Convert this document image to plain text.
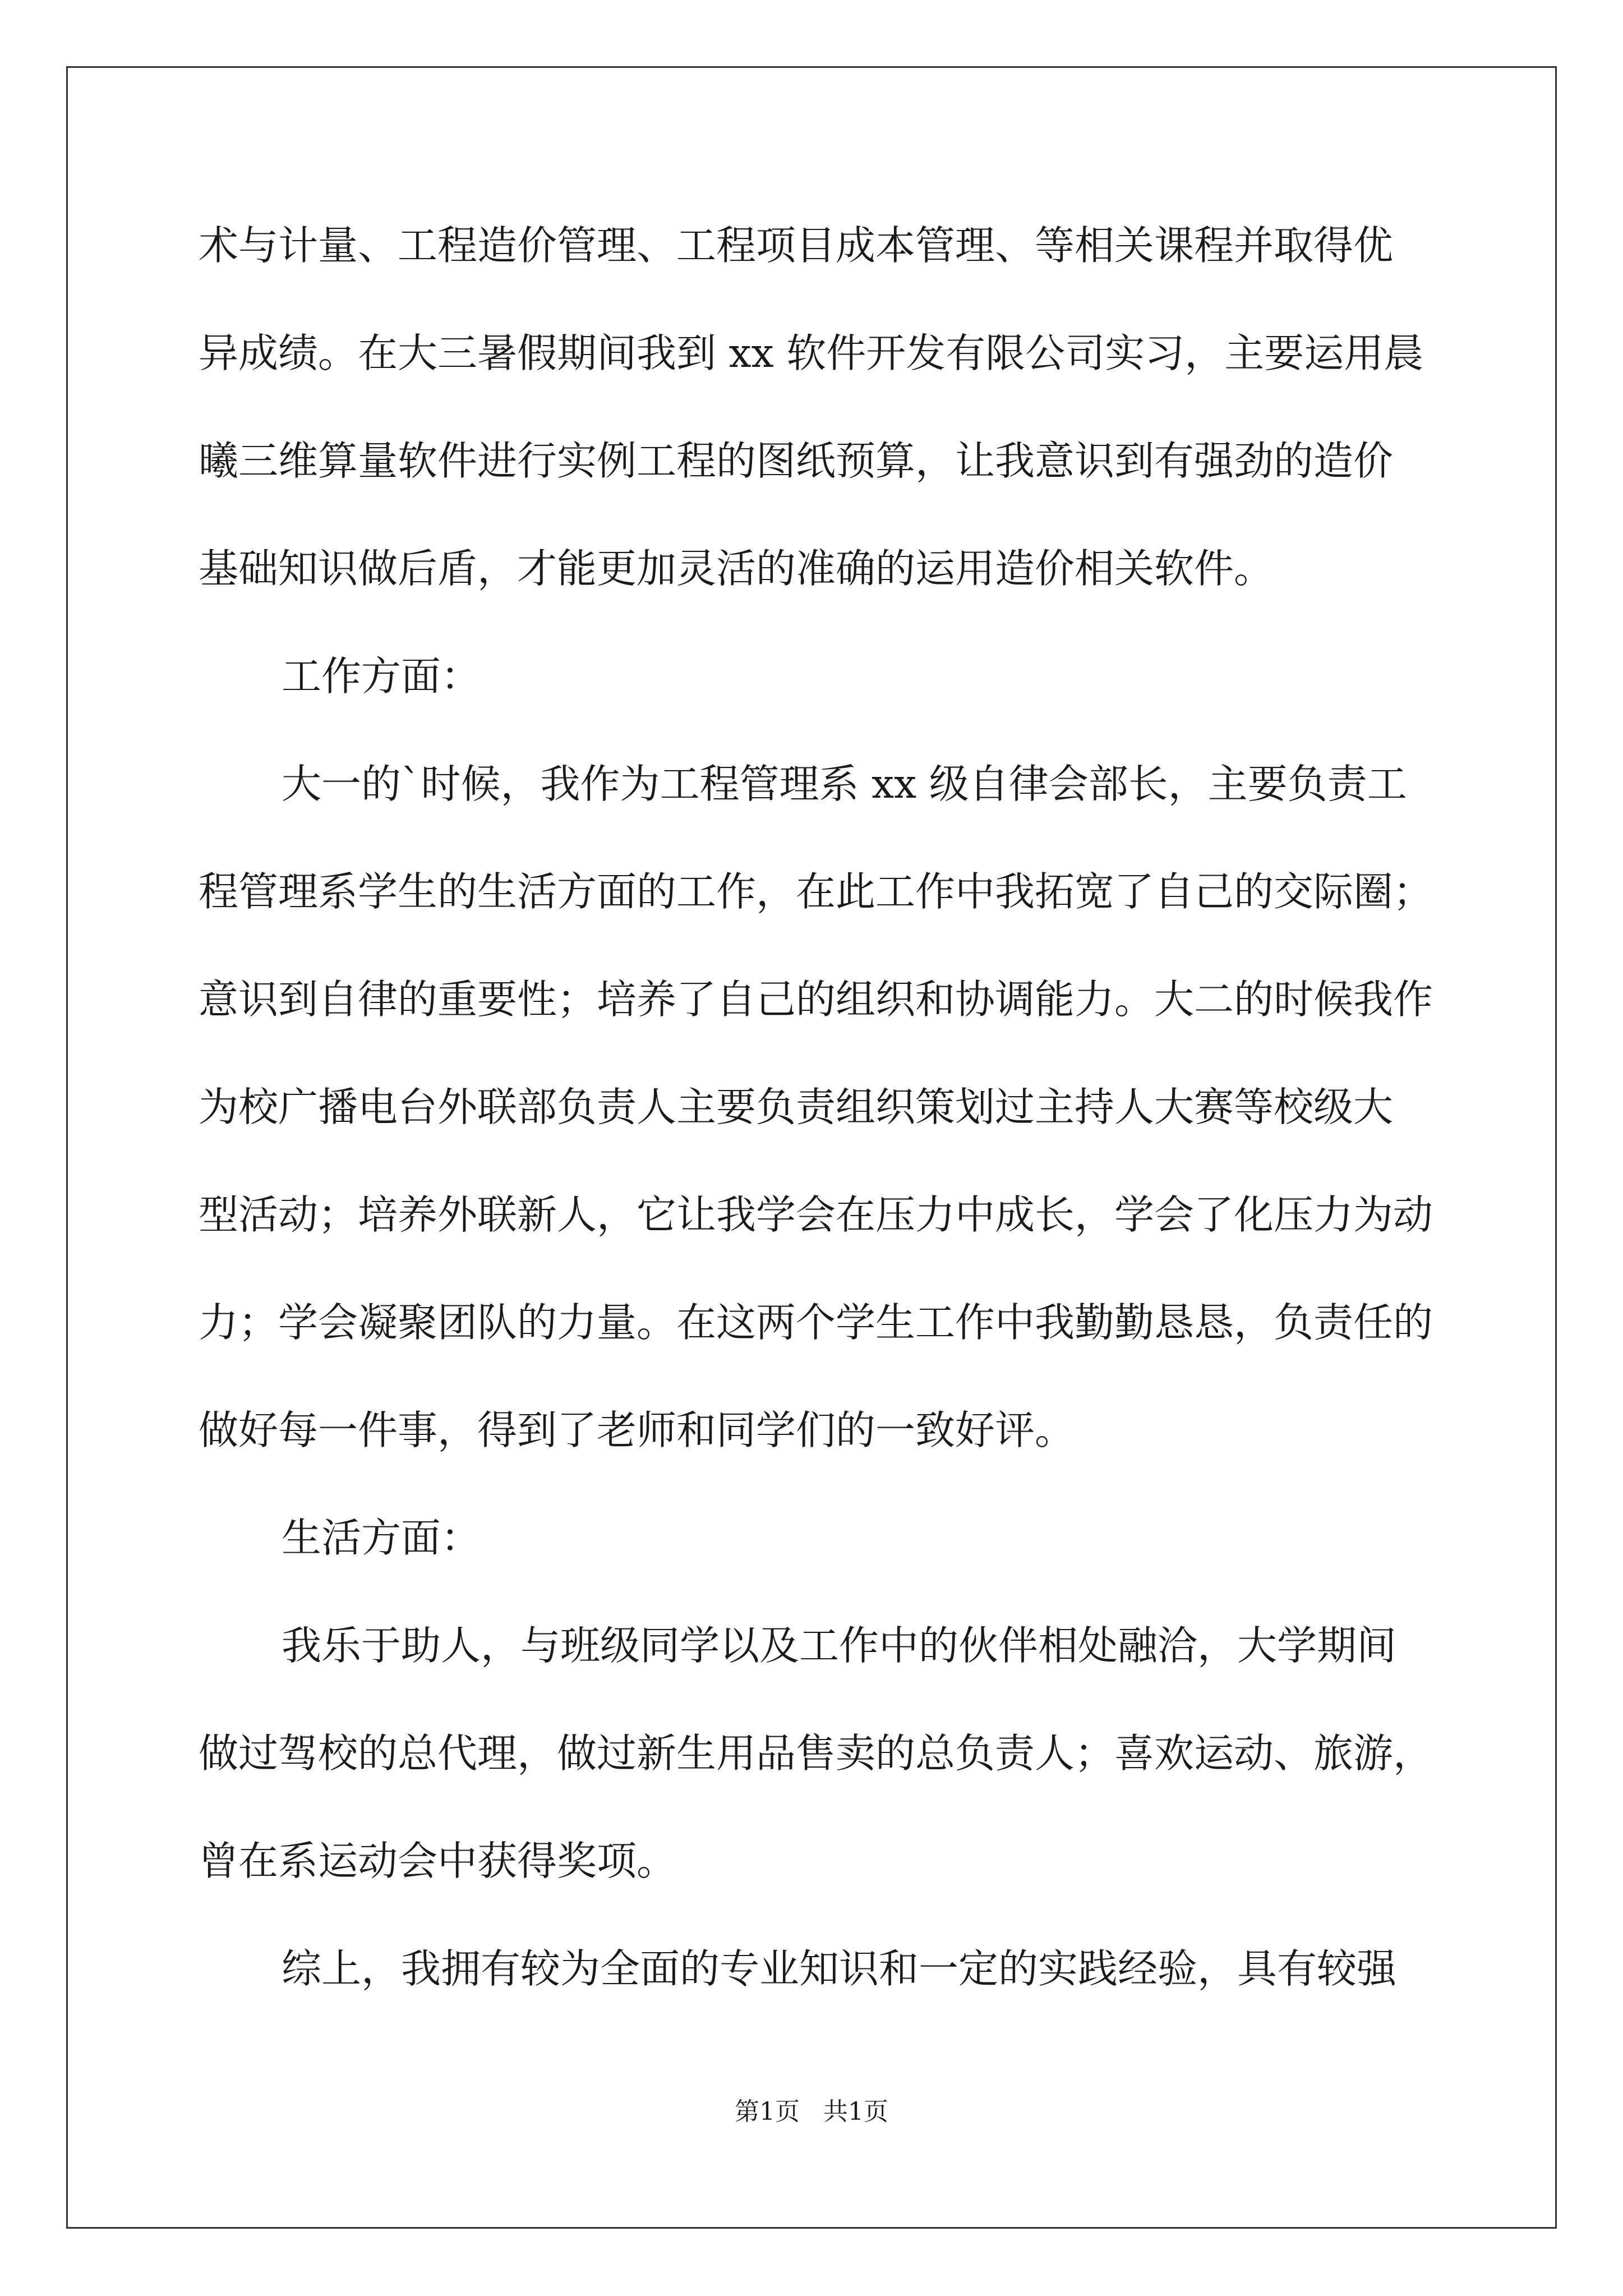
术与计量、工程造价管理、工程项目成本管理、等相关课程并取得优
异成绩。在大三暑假期间我到 xx 软件开发有限公司实习，主要运用晨
曦三维算量软件进行实例工程的图纸预算，让我意识到有强劲的造价
基础知识做后盾，才能更加灵活的准确的运用造价相关软件。
工作方面：
大一的`时候，我作为工程管理系 xx 级自律会部长，主要负责工
程管理系学生的生活方面的工作，在此工作中我拓宽了自己的交际圈；
意识到自律的重要性；培养了自己的组织和协调能力。大二的时候我作
为校广播电台外联部负责人主要负责组织策划过主持人大赛等校级大
型活动；培养外联新人，它让我学会在压力中成长，学会了化压力为动
力；学会凝聚团队的力量。在这两个学生工作中我勤勤恳恳，负责任的
做好每一件事，得到了老师和同学们的一致好评。
生活方面：
我乐于助人，与班级同学以及工作中的伙伴相处融洽，大学期间
做过驾校的总代理，做过新生用品售卖的总负责人；喜欢运动、旅游，
曾在系运动会中获得奖项。
综上，我拥有较为全面的专业知识和一定的实践经验，具有较强
第1页   共1页
